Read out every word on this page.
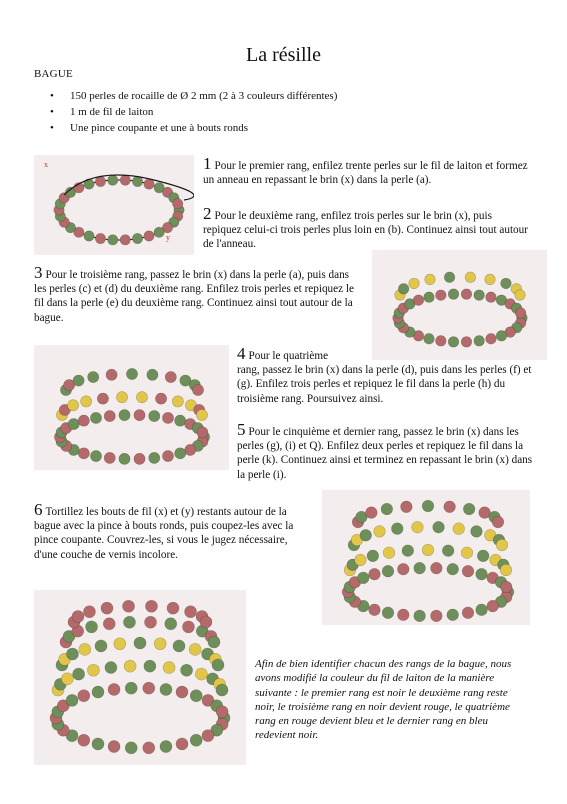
La résille
BAGUE
• 150 perles de rocaille de Ø 2 mm (2 à 3 couleurs différentes)
• 1 m de fil de laiton
• Une pince coupante et une à bouts ronds
x
y
1 Pour le premier rang, enfilez trente perles sur le fil de laiton et formez un anneau en repassant le brin (x) dans la perle (a).
2 Pour le deuxième rang, enfilez trois perles sur le brin (x), puis repiquez celui-ci trois perles plus loin en (b). Continuez ainsi tout autour de l'anneau.
3 Pour le troisième rang, passez le brin (x) dans la perle (a), puis dans les perles (c) et (d) du deuxième rang. Enfilez trois perles et repiquez le fil dans la perle (e) du deuxième rang. Continuez ainsi tout autour de la bague.
4 Pour le quatrième
rang, passez le brin (x) dans la perle (d), puis dans les perles (f) et (g). Enfilez trois perles et repiquez le fil dans la perle (h) du troisième rang. Poursuivez ainsi.
5 Pour le cinquième et dernier rang, passez le brin (x) dans les perles (g), (i) et Q). Enfilez deux perles et repiquez le fil dans la perle (k). Continuez ainsi et terminez en repassant le brin (x) dans la perle (i).
6 Tortillez les bouts de fil (x) et (y) restants autour de la bague avec la pince à bouts ronds, puis coupez-les avec la pince coupante. Couvrez-les, si vous le jugez nécessaire, d'une couche de vernis incolore.
Afin de bien identifier chacun des rangs de la bague, nous avons modifié la couleur du fil de laiton de la manière suivante : le premier rang est noir le deuxième rang reste noir, le troisième rang en noir devient rouge, le quatrième rang en rouge devient bleu et le dernier rang en bleu redevient noir.
